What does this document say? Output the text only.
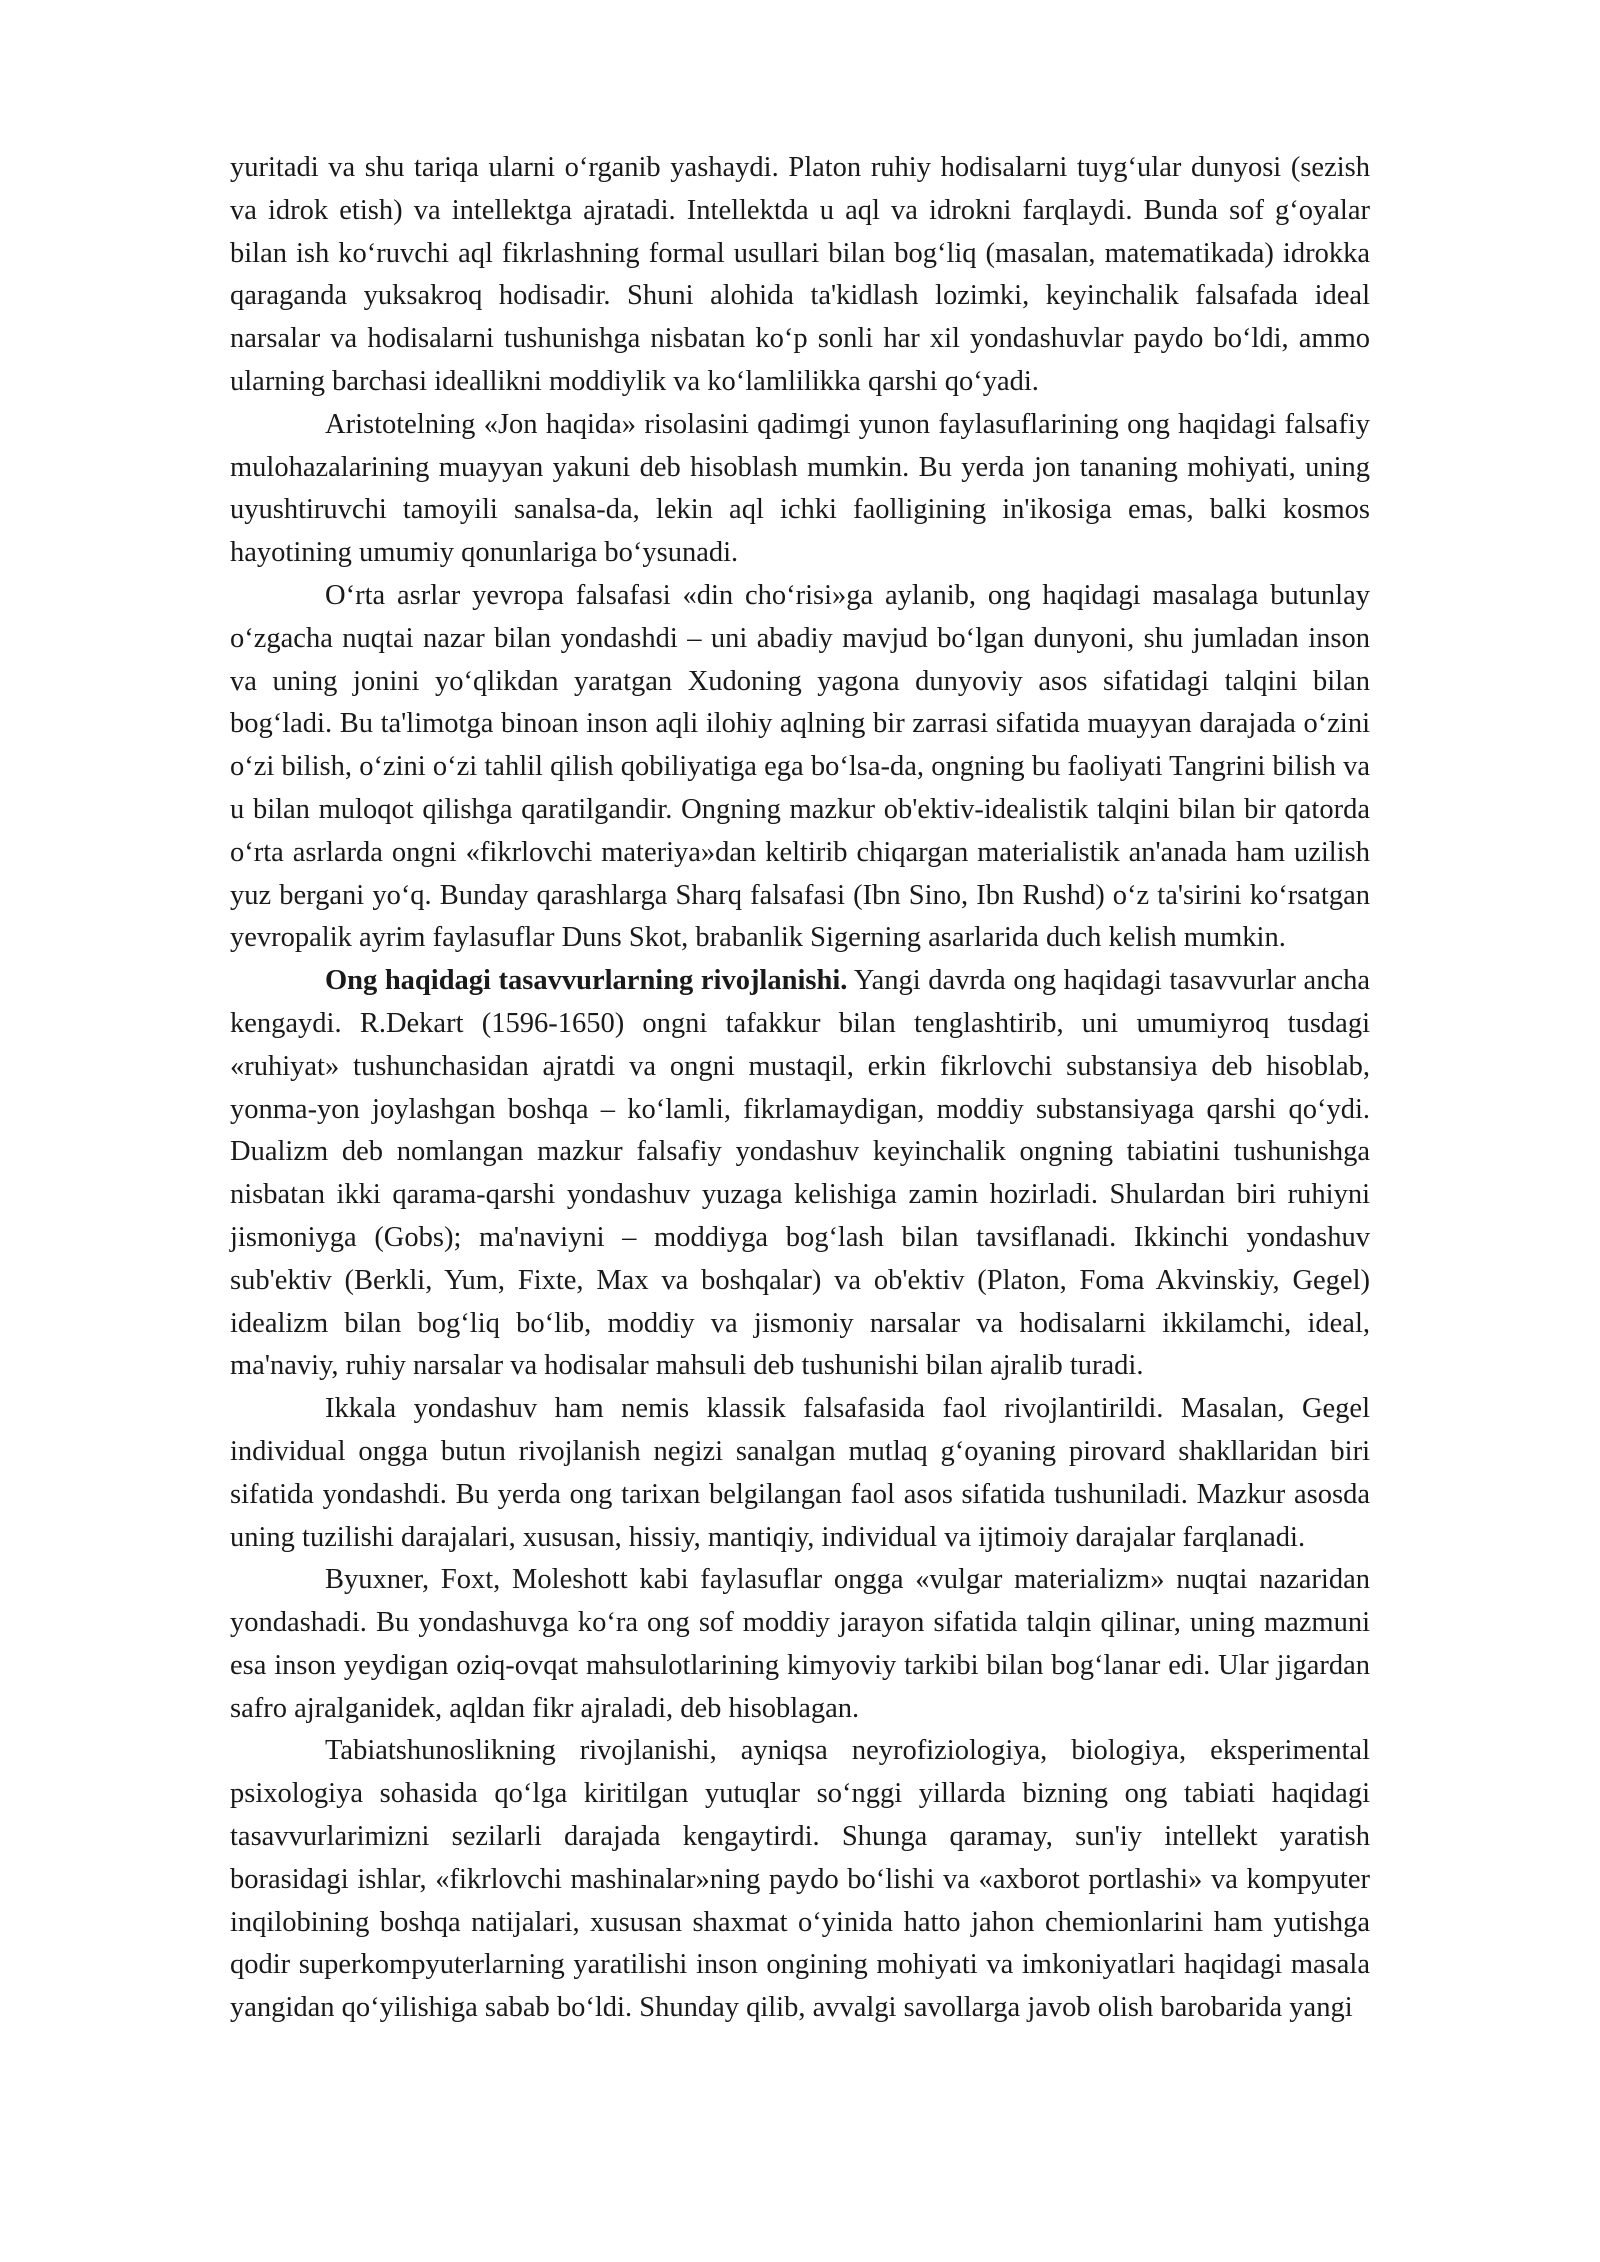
yuritadi va shu tariqa ularni o‘rganib yashaydi. Platon ruhiy hodisalarni tuyg‘ular dunyosi (sezish va idrok etish) va intellektga ajratadi. Intellektda u aql va idrokni farqlaydi. Bunda sof g‘oyalar bilan ish ko‘ruvchi aql fikrlashning formal usullari bilan bog‘liq (masalan, matematikada) idrokka qaraganda yuksakroq hodisadir. Shuni alohida ta'kidlash lozimki, keyinchalik falsafada ideal narsalar va hodisalarni tushunishga nisbatan ko‘p sonli har xil yondashuvlar paydo bo‘ldi, ammo ularning barchasi ideallikni moddiylik va ko‘lamlilikka qarshi qo‘yadi.

Aristotelning «Jon haqida» risolasini qadimgi yunon faylasuflarining ong haqidagi falsafiy mulohazalarining muayyan yakuni deb hisoblash mumkin. Bu yerda jon tananing mohiyati, uning uyushtiruvchi tamoyili sanalsa-da, lekin aql ichki faolligining in'ikosiga emas, balki kosmos hayotining umumiy qonunlariga bo‘ysunadi.

O‘rta asrlar yevropa falsafasi «din cho‘risi»ga aylanib, ong haqidagi masalaga butunlay o‘zgacha nuqtai nazar bilan yondashdi – uni abadiy mavjud bo‘lgan dunyoni, shu jumladan inson va uning jonini yo‘qlikdan yaratgan Xudoning yagona dunyoviy asos sifatidagi talqini bilan bog‘ladi. Bu ta'limotga binoan inson aqli ilohiy aqlning bir zarrasi sifatida muayyan darajada o‘zini o‘zi bilish, o‘zini o‘zi tahlil qilish qobiliyatiga ega bo‘lsa-da, ongning bu faoliyati Tangrini bilish va u bilan muloqot qilishga qaratilgandir. Ongning mazkur ob'ektiv-idealistik talqini bilan bir qatorda o‘rta asrlarda ongni «fikrlovchi materiya»dan keltirib chiqargan materialistik an'anada ham uzilish yuz bergani yo‘q. Bunday qarashlarga Sharq falsafasi (Ibn Sino, Ibn Rushd) o‘z ta'sirini ko‘rsatgan yevropalik ayrim faylasuflar Duns Skot, brabanlik Sigerning asarlarida duch kelish mumkin.

Ong haqidagi tasavvurlarning rivojlanishi. Yangi davrda ong haqidagi tasavvurlar ancha kengaydi. R.Dekart (1596-1650) ongni tafakkur bilan tenglashtirib, uni umumiyroq tusdagi «ruhiyat» tushunchasidan ajratdi va ongni mustaqil, erkin fikrlovchi substansiya deb hisoblab, yonma-yon joylashgan boshqa – ko‘lamli, fikrlamaydigan, moddiy substansiyaga qarshi qo‘ydi. Dualizm deb nomlangan mazkur falsafiy yondashuv keyinchalik ongning tabiatini tushunishga nisbatan ikki qarama-qarshi yondashuv yuzaga kelishiga zamin hozirladi. Shulardan biri ruhiyni jismoniyga (Gobs); ma'naviyni – moddiyga bog‘lash bilan tavsiflanadi. Ikkinchi yondashuv sub'ektiv (Berkli, Yum, Fixte, Max va boshqalar) va ob'ektiv (Platon, Foma Akvinskiy, Gegel) idealizm bilan bog‘liq bo‘lib, moddiy va jismoniy narsalar va hodisalarni ikkilamchi, ideal, ma'naviy, ruhiy narsalar va hodisalar mahsuli deb tushunishi bilan ajralib turadi.

Ikkala yondashuv ham nemis klassik falsafasida faol rivojlantirildi. Masalan, Gegel individual ongga butun rivojlanish negizi sanalgan mutlaq g‘oyaning pirovard shakllaridan biri sifatida yondashdi. Bu yerda ong tarixan belgilangan faol asos sifatida tushuniladi. Mazkur asosda uning tuzilishi darajalari, xususan, hissiy, mantiqiy, individual va ijtimoiy darajalar farqlanadi.

Byuxner, Foxt, Moleshott kabi faylasuflar ongga «vulgar materializm» nuqtai nazaridan yondashadi. Bu yondashuvga ko‘ra ong sof moddiy jarayon sifatida talqin qilinar, uning mazmuni esa inson yeydigan oziq-ovqat mahsulotlarining kimyoviy tarkibi bilan bog‘lanar edi. Ular jigardan safro ajralganidek, aqldan fikr ajraladi, deb hisoblagan.

Tabiatshunoslikning rivojlanishi, ayniqsa neyrofiziologiya, biologiya, eksperimental psixologiya sohasida qo‘lga kiritilgan yutuqlar so‘nggi yillarda bizning ong tabiati haqidagi tasavvurlarimizni sezilarli darajada kengaytirdi. Shunga qaramay, sun'iy intellekt yaratish borasidagi ishlar, «fikrlovchi mashinalar»ning paydo bo‘lishi va «axborot portlashi» va kompyuter inqilobining boshqa natijalari, xususan shaxmat o‘yinida hatto jahon chemionlarini ham yutishga qodir superkompyuterlarning yaratilishi inson ongining mohiyati va imkoniyatlari haqidagi masala yangidan qo‘yilishiga sabab bo‘ldi. Shunday qilib, avvalgi savollarga javob olish barobarida yangi
